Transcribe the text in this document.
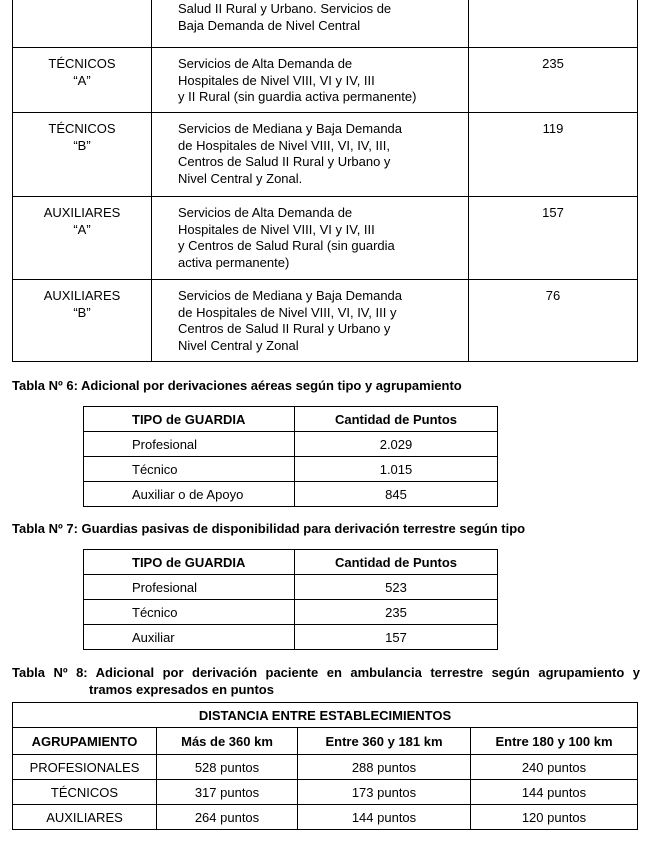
	Salud II Rural y Urbano. Servicios de
Baja Demanda de Nivel Central	

TÉCNICOS “A”	Servicios de Alta Demanda de
Hospitales de Nivel VIII, VI y IV, III
y II Rural (sin guardia activa permanente)	235

TÉCNICOS “B”	Servicios de Mediana y Baja Demanda
de Hospitales de Nivel VIII, VI, IV, III,
Centros de Salud II Rural y Urbano y
Nivel Central y Zonal.	119

AUXILIARES “A”	Servicios de Alta Demanda de
Hospitales de Nivel VIII, VI y IV, III
y Centros de Salud Rural (sin guardia
activa permanente)	157

AUXILIARES “B”	Servicios de Mediana y Baja Demanda
de Hospitales de Nivel VIII, VI, IV, III y
Centros de Salud II Rural y Urbano y
Nivel Central y Zonal	76
Tabla Nº 6: Adicional por derivaciones aéreas según tipo y agrupamiento
TIPO de GUARDIA	Cantidad de Puntos
Profesional	2.029
Técnico	1.015
Auxiliar o de Apoyo	845
Tabla Nº 7: Guardias pasivas de disponibilidad para derivación terrestre según tipo
TIPO de GUARDIA	Cantidad de Puntos
Profesional	523
Técnico	235
Auxiliar	157
Tabla Nº 8: Adicional por derivación paciente en ambulancia terrestre según agrupamiento y
tramos expresados en puntos
DISTANCIA ENTRE ESTABLECIMIENTOS			
AGRUPAMIENTO	Más de 360 km	Entre 360 y 181 km	Entre 180 y 100 km
PROFESIONALES	528 puntos	288 puntos	240 puntos
TÉCNICOS	317 puntos	173 puntos	144 puntos
AUXILIARES	264 puntos	144 puntos	120 puntos
